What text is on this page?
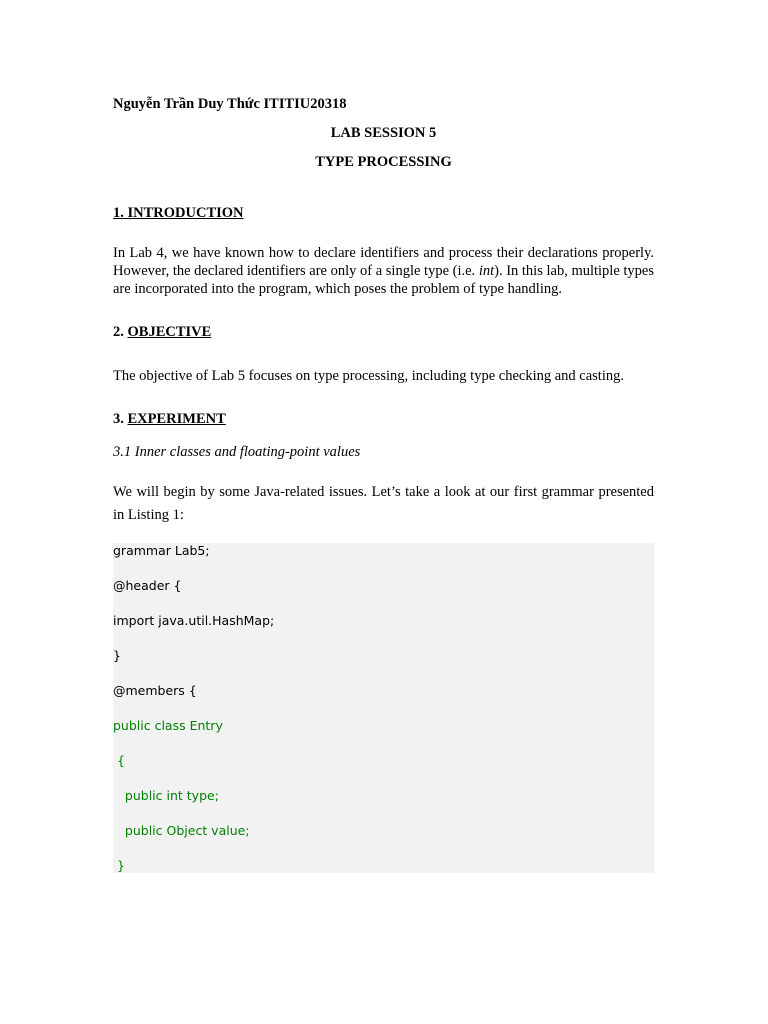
Nguyễn Trần Duy Thức ITITIU20318

LAB SESSION 5

TYPE PROCESSING

1. INTRODUCTION

In Lab 4, we have known how to declare identifiers and process their declarations properly. However, the declared identifiers are only of a single type (i.e. int). In this lab, multiple types are incorporated into the program, which poses the problem of type handling.

2. OBJECTIVE

The objective of Lab 5 focuses on type processing, including type checking and casting.

3. EXPERIMENT

3.1 Inner classes and floating-point values

We will begin by some Java-related issues. Let’s take a look at our first grammar presented in Listing 1:

grammar Lab5;
@header {
import java.util.HashMap;
}
@members {
public class Entry
{
public int type;
public Object value;
}
